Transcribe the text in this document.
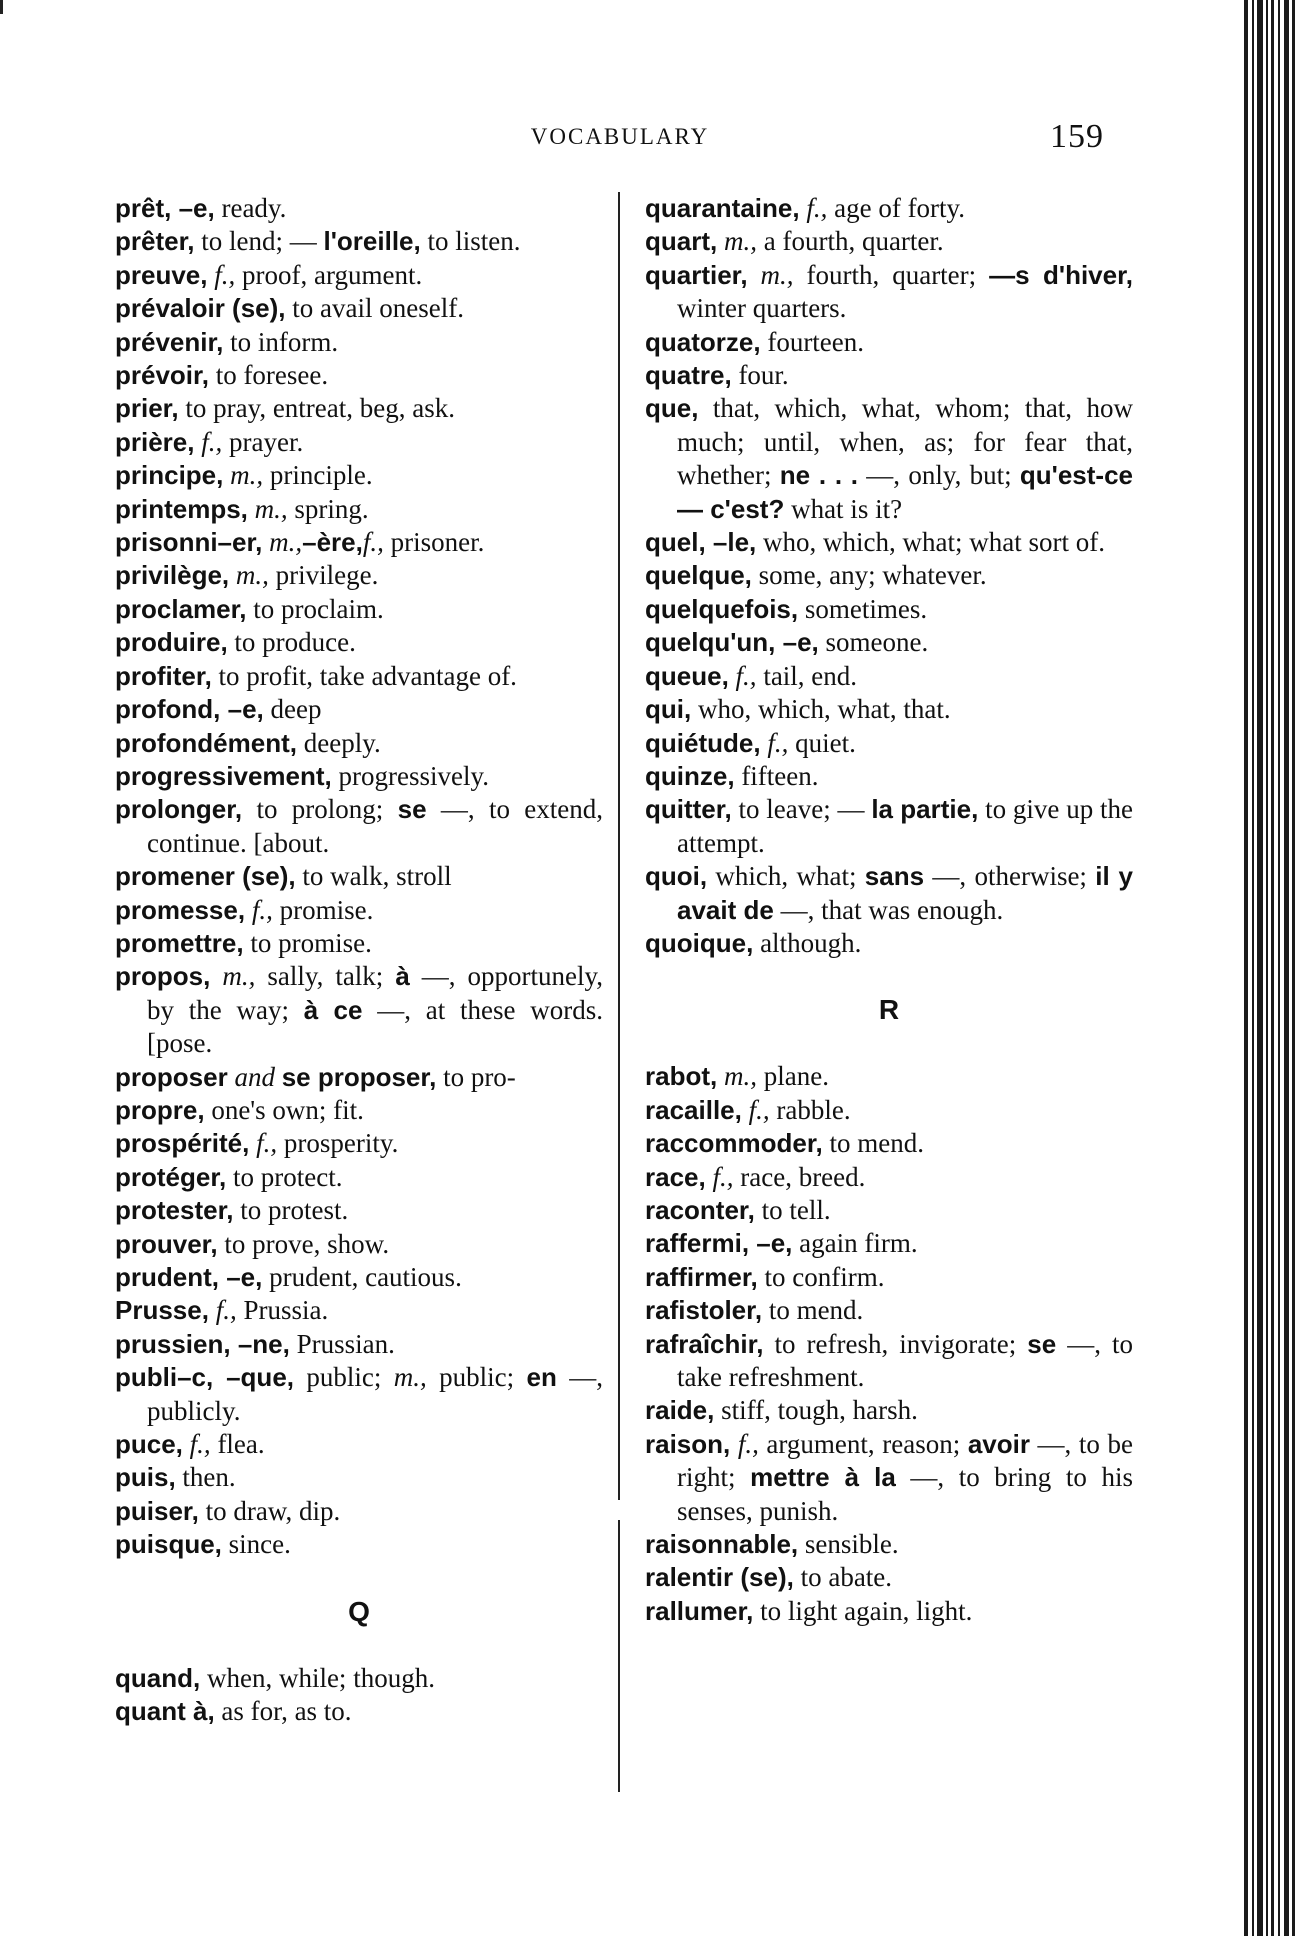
VOCABULARY	159
prêt, –e, ready.
prêter, to lend; — l'oreille, to listen.
preuve, f., proof, argument.
prévaloir (se), to avail oneself.
prévenir, to inform.
prévoir, to foresee.
prier, to pray, entreat, beg, ask.
prière, f., prayer.
principe, m., principle.
printemps, m., spring.
prisonni–er, m.,–ère,f., prisoner.
privilège, m., privilege.
proclamer, to proclaim.
produire, to produce.
profiter, to profit, take advantage of.
profond, –e, deep
profondément, deeply.
progressivement, progressively.
prolonger, to prolong; se —, to extend, continue. [about.
promener (se), to walk, stroll
promesse, f., promise.
promettre, to promise.
propos, m., sally, talk; à —, opportunely, by the way; à ce —, at these words. [pose.
proposer and se proposer, to pro-
propre, one's own; fit.
prospérité, f., prosperity.
protéger, to protect.
protester, to protest.
prouver, to prove, show.
prudent, –e, prudent, cautious.
Prusse, f., Prussia.
prussien, –ne, Prussian.
publi–c, –que, public; m., public; en —, publicly.
puce, f., flea.
puis, then.
puiser, to draw, dip.
puisque, since.
Q
quand, when, while; though.
quant à, as for, as to.
quarantaine, f., age of forty.
quart, m., a fourth, quarter.
quartier, m., fourth, quarter; —s d'hiver, winter quarters.
quatorze, fourteen.
quatre, four.
que, that, which, what, whom; that, how much; until, when, as; for fear that, whether; ne . . . —, only, but; qu'est-ce — c'est? what is it?
quel, –le, who, which, what; what sort of.
quelque, some, any; whatever.
quelquefois, sometimes.
quelqu'un, –e, someone.
queue, f., tail, end.
qui, who, which, what, that.
quiétude, f., quiet.
quinze, fifteen.
quitter, to leave; — la partie, to give up the attempt.
quoi, which, what; sans —, otherwise; il y avait de —, that was enough.
quoique, although.
R
rabot, m., plane.
racaille, f., rabble.
raccommoder, to mend.
race, f., race, breed.
raconter, to tell.
raffermi, –e, again firm.
raffirmer, to confirm.
rafistoler, to mend.
rafraîchir, to refresh, invigorate; se —, to take refreshment.
raide, stiff, tough, harsh.
raison, f., argument, reason; avoir —, to be right; mettre à la —, to bring to his senses, punish.
raisonnable, sensible.
ralentir (se), to abate.
rallumer, to light again, light.
